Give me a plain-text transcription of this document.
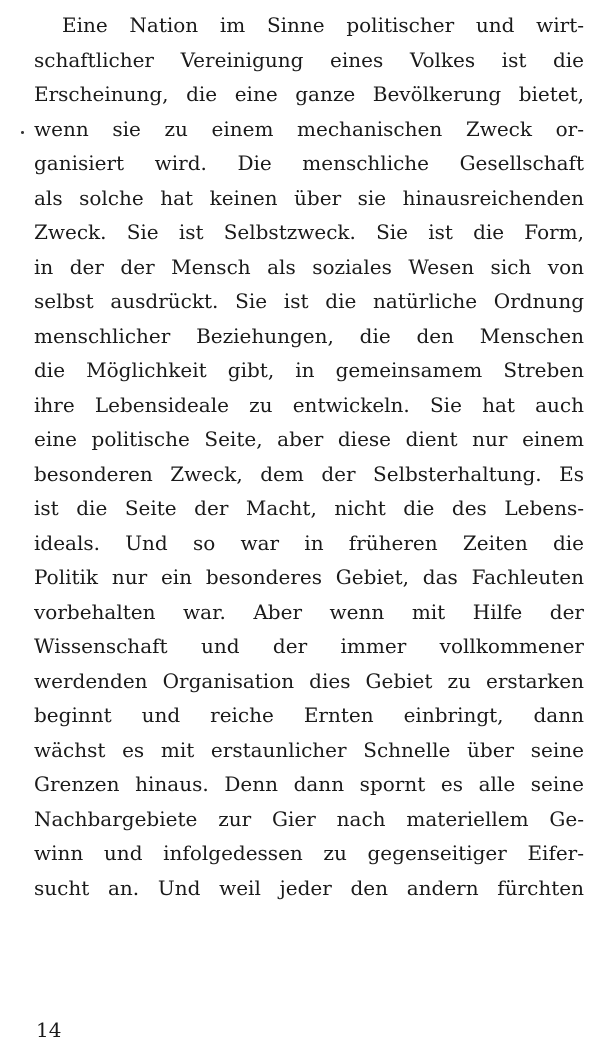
Eine Nation im Sinne politischer und wirt-
schaftlicher Vereinigung eines Volkes ist die
Erscheinung, die eine ganze Bevölkerung bietet,
wenn sie zu einem mechanischen Zweck or-
ganisiert wird. Die menschliche Gesellschaft
als solche hat keinen über sie hinausreichenden
Zweck. Sie ist Selbstzweck. Sie ist die Form,
in der der Mensch als soziales Wesen sich von
selbst ausdrückt. Sie ist die natürliche Ordnung
menschlicher Beziehungen, die den Menschen
die Möglichkeit gibt, in gemeinsamem Streben
ihre Lebensideale zu entwickeln. Sie hat auch
eine politische Seite, aber diese dient nur einem
besonderen Zweck, dem der Selbsterhaltung. Es
ist die Seite der Macht, nicht die des Lebens-
ideals. Und so war in früheren Zeiten die
Politik nur ein besonderes Gebiet, das Fachleuten
vorbehalten war. Aber wenn mit Hilfe der
Wissenschaft und der immer vollkommener
werdenden Organisation dies Gebiet zu erstarken
beginnt und reiche Ernten einbringt, dann
wächst es mit erstaunlicher Schnelle über seine
Grenzen hinaus. Denn dann spornt es alle seine
Nachbargebiete zur Gier nach materiellem Ge-
winn und infolgedessen zu gegenseitiger Eifer-
sucht an. Und weil jeder den andern fürchten
14
